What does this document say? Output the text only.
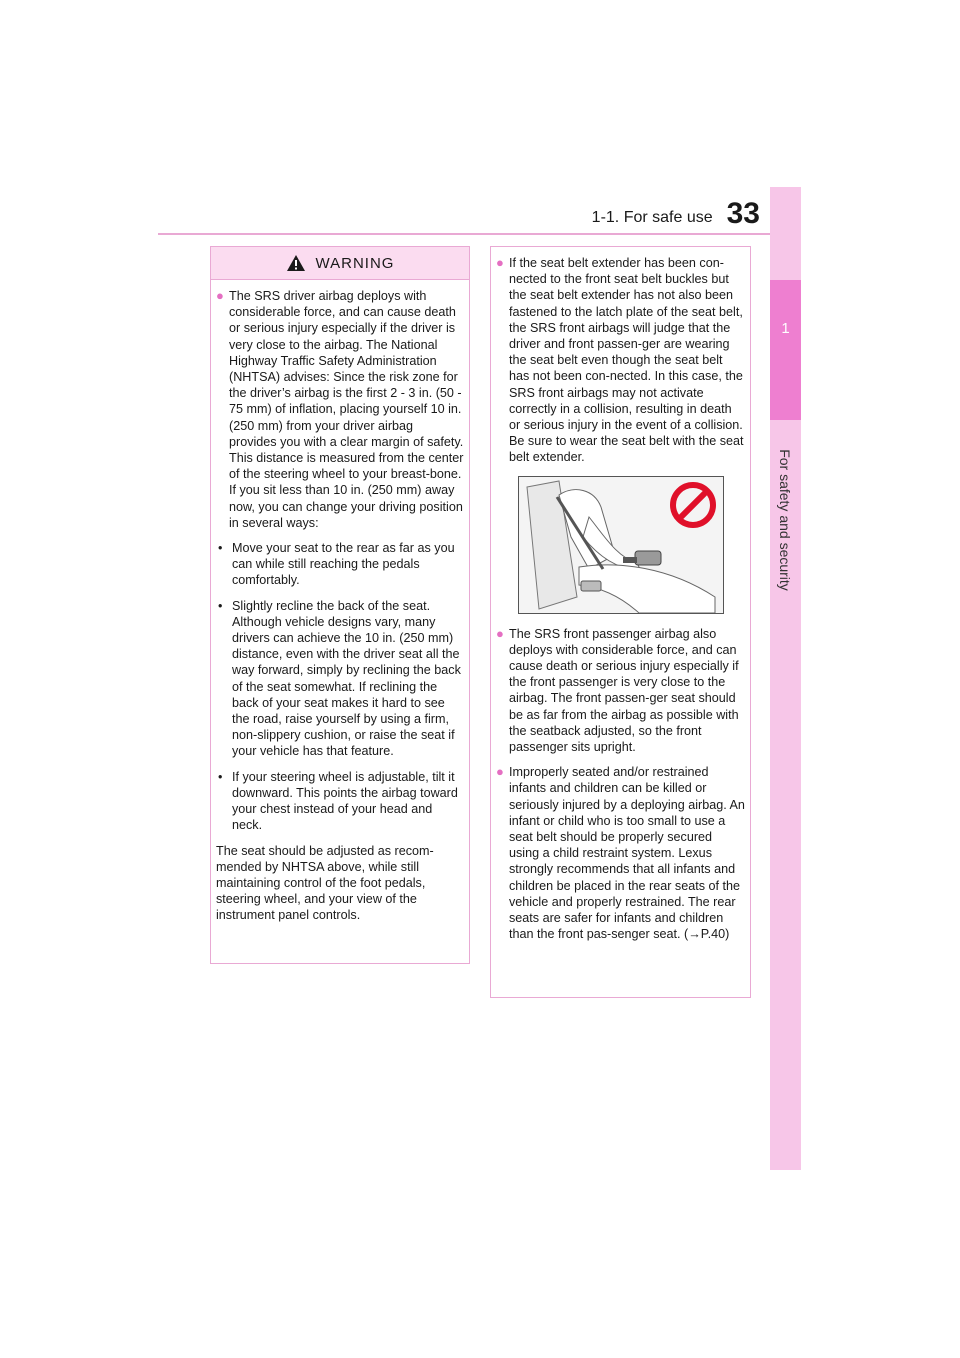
1-1. For safe use 33
1
For safety and security
WARNING
● The SRS driver airbag deploys with considerable force, and can cause death or serious injury especially if the driver is very close to the airbag. The National Highway Traffic Safety Administration (NHTSA) advises: Since the risk zone for the driver’s airbag is the first 2 - 3 in. (50 - 75 mm) of inflation, placing yourself 10 in. (250 mm) from your driver airbag provides you with a clear margin of safety. This distance is measured from the center of the steering wheel to your breast-bone. If you sit less than 10 in. (250 mm) away now, you can change your driving position in several ways:
• Move your seat to the rear as far as you can while still reaching the pedals comfortably.
• Slightly recline the back of the seat. Although vehicle designs vary, many drivers can achieve the 10 in. (250 mm) distance, even with the driver seat all the way forward, simply by reclining the back of the seat somewhat. If reclining the back of your seat makes it hard to see the road, raise yourself by using a firm, non-slippery cushion, or raise the seat if your vehicle has that feature.
• If your steering wheel is adjustable, tilt it downward. This points the airbag toward your chest instead of your head and neck.
The seat should be adjusted as recom-mended by NHTSA above, while still maintaining control of the foot pedals, steering wheel, and your view of the instrument panel controls.
● If the seat belt extender has been con-nected to the front seat belt buckles but the seat belt extender has not also been fastened to the latch plate of the seat belt, the SRS front airbags will judge that the driver and front passen-ger are wearing the seat belt even though the seat belt has not been con-nected. In this case, the SRS front airbags may not activate correctly in a collision, resulting in death or serious injury in the event of a collision. Be sure to wear the seat belt with the seat belt extender.
● The SRS front passenger airbag also deploys with considerable force, and can cause death or serious injury especially if the front passenger is very close to the airbag. The front passen-ger seat should be as far from the airbag as possible with the seatback adjusted, so the front passenger sits upright.
● Improperly seated and/or restrained infants and children can be killed or seriously injured by a deploying airbag. An infant or child who is too small to use a seat belt should be properly secured using a child restraint system. Lexus strongly recommends that all infants and children be placed in the rear seats of the vehicle and properly restrained. The rear seats are safer for infants and children than the front pas-senger seat. (→P.40)
